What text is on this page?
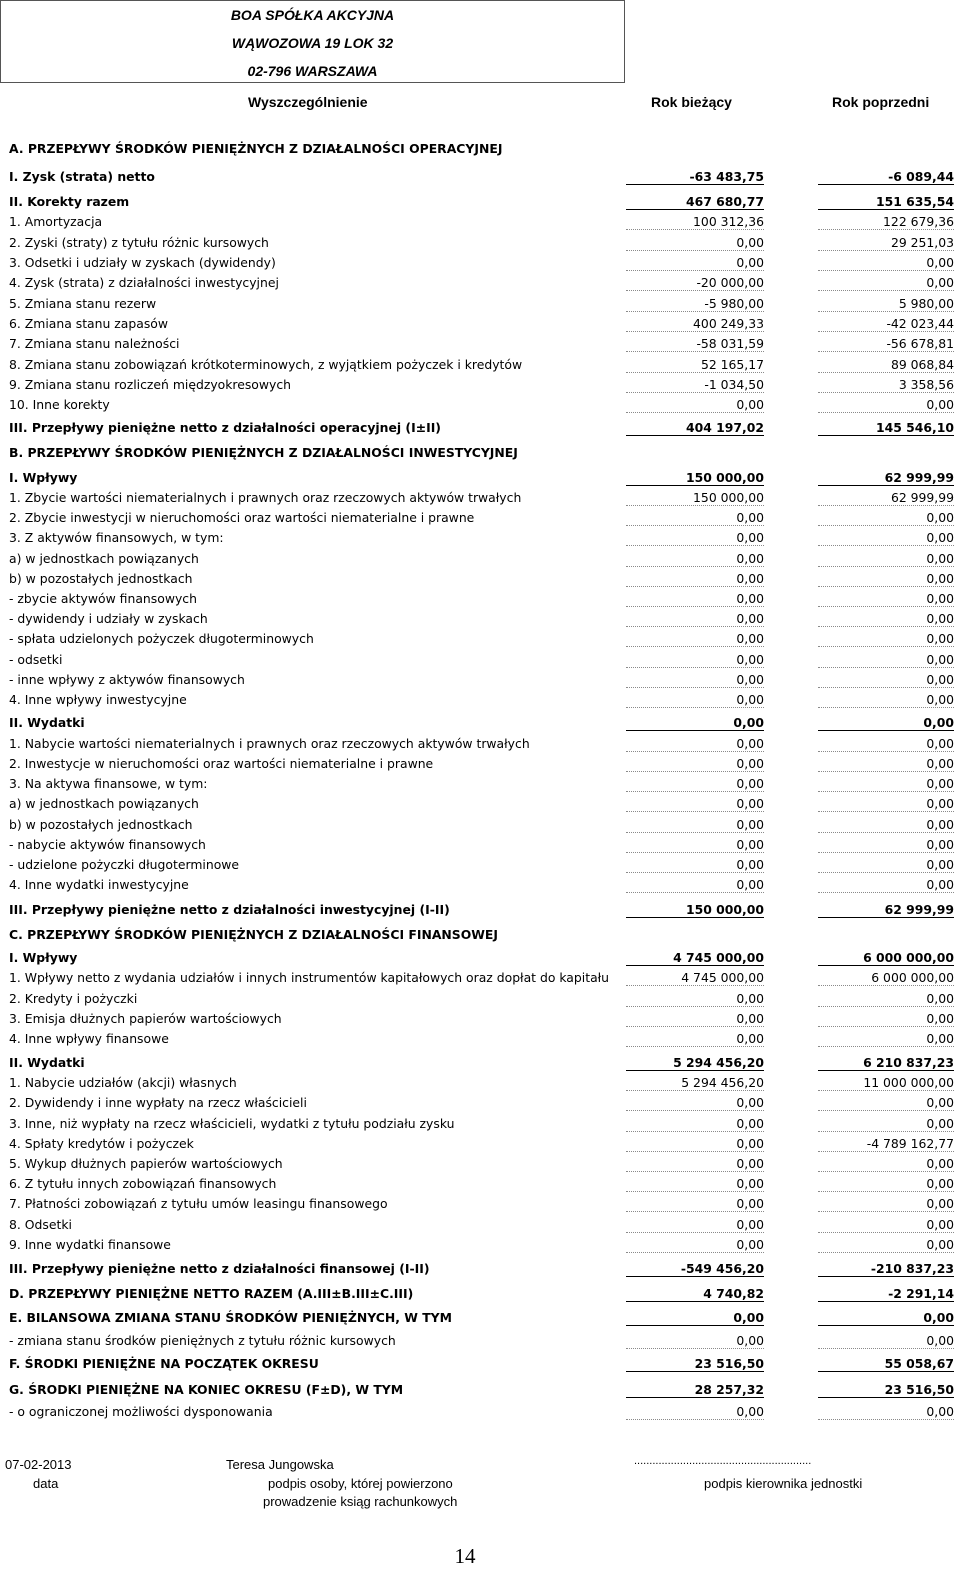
BOA SPÓŁKA AKCYJNA
WĄWOZOWA 19 LOK 32
02-796 WARSZAWA
Wyszczególnienie	Rok bieżący	Rok poprzedni
A. PRZEPŁYWY ŚRODKÓW PIENIĘŻNYCH Z DZIAŁALNOŚCI OPERACYJNEJ
I. Zysk (strata) netto	-63 483,75	-6 089,44
II. Korekty razem	467 680,77	151 635,54
1. Amortyzacja	100 312,36	122 679,36
2. Zyski (straty) z tytułu różnic kursowych	0,00	29 251,03
3. Odsetki i udziały w zyskach (dywidendy)	0,00	0,00
4. Zysk (strata) z działalności inwestycyjnej	-20 000,00	0,00
5. Zmiana stanu rezerw	-5 980,00	5 980,00
6. Zmiana stanu zapasów	400 249,33	-42 023,44
7. Zmiana stanu należności	-58 031,59	-56 678,81
8. Zmiana stanu zobowiązań krótkoterminowych, z wyjątkiem pożyczek i kredytów	52 165,17	89 068,84
9. Zmiana stanu rozliczeń międzyokresowych	-1 034,50	3 358,56
10. Inne korekty	0,00	0,00
III. Przepływy pieniężne netto z działalności operacyjnej (I±II)	404 197,02	145 546,10
B. PRZEPŁYWY ŚRODKÓW PIENIĘŻNYCH Z DZIAŁALNOŚCI INWESTYCYJNEJ
I. Wpływy	150 000,00	62 999,99
1. Zbycie wartości niematerialnych i prawnych oraz rzeczowych aktywów trwałych	150 000,00	62 999,99
2. Zbycie inwestycji w nieruchomości oraz wartości niematerialne i prawne	0,00	0,00
3. Z aktywów finansowych, w tym:	0,00	0,00
a) w jednostkach powiązanych	0,00	0,00
b) w pozostałych jednostkach	0,00	0,00
- zbycie aktywów finansowych	0,00	0,00
- dywidendy i udziały w zyskach	0,00	0,00
- spłata udzielonych pożyczek długoterminowych	0,00	0,00
- odsetki	0,00	0,00
- inne wpływy z aktywów finansowych	0,00	0,00
4. Inne wpływy inwestycyjne	0,00	0,00
II. Wydatki	0,00	0,00
1. Nabycie wartości niematerialnych i prawnych oraz rzeczowych aktywów trwałych	0,00	0,00
2. Inwestycje w nieruchomości oraz wartości niematerialne i prawne	0,00	0,00
3. Na aktywa finansowe, w tym:	0,00	0,00
a) w jednostkach powiązanych	0,00	0,00
b) w pozostałych jednostkach	0,00	0,00
- nabycie aktywów finansowych	0,00	0,00
- udzielone pożyczki długoterminowe	0,00	0,00
4. Inne wydatki inwestycyjne	0,00	0,00
III. Przepływy pieniężne netto z działalności inwestycyjnej (I-II)	150 000,00	62 999,99
C. PRZEPŁYWY ŚRODKÓW PIENIĘŻNYCH Z DZIAŁALNOŚCI FINANSOWEJ
I. Wpływy	4 745 000,00	6 000 000,00
1. Wpływy netto z wydania udziałów i innych instrumentów kapitałowych oraz dopłat do kapitału	4 745 000,00	6 000 000,00
2. Kredyty i pożyczki	0,00	0,00
3. Emisja dłużnych papierów wartościowych	0,00	0,00
4. Inne wpływy finansowe	0,00	0,00
II. Wydatki	5 294 456,20	6 210 837,23
1. Nabycie udziałów (akcji) własnych	5 294 456,20	11 000 000,00
2. Dywidendy i inne wypłaty na rzecz właścicieli	0,00	0,00
3. Inne, niż wypłaty na rzecz właścicieli, wydatki z tytułu podziału zysku	0,00	0,00
4. Spłaty kredytów i pożyczek	0,00	-4 789 162,77
5. Wykup dłużnych papierów wartościowych	0,00	0,00
6. Z tytułu innych zobowiązań finansowych	0,00	0,00
7. Płatności zobowiązań z tytułu umów leasingu finansowego	0,00	0,00
8. Odsetki	0,00	0,00
9. Inne wydatki finansowe	0,00	0,00
III. Przepływy pieniężne netto z działalności finansowej (I-II)	-549 456,20	-210 837,23
D. PRZEPŁYWY PIENIĘŻNE NETTO RAZEM (A.III±B.III±C.III)	4 740,82	-2 291,14
E. BILANSOWA ZMIANA STANU ŚRODKÓW PIENIĘŻNYCH, W TYM	0,00	0,00
- zmiana stanu środków pieniężnych z tytułu różnic kursowych	0,00	0,00
F. ŚRODKI PIENIĘŻNE NA POCZĄTEK OKRESU	23 516,50	55 058,67
G. ŚRODKI PIENIĘŻNE NA KONIEC OKRESU (F±D), W TYM	28 257,32	23 516,50
- o ograniczonej możliwości dysponowania	0,00	0,00
07-02-2013
data
Teresa Jungowska
podpis osoby, której powierzono
prowadzenie ksiąg rachunkowych
..........................................................
podpis kierownika jednostki
14
